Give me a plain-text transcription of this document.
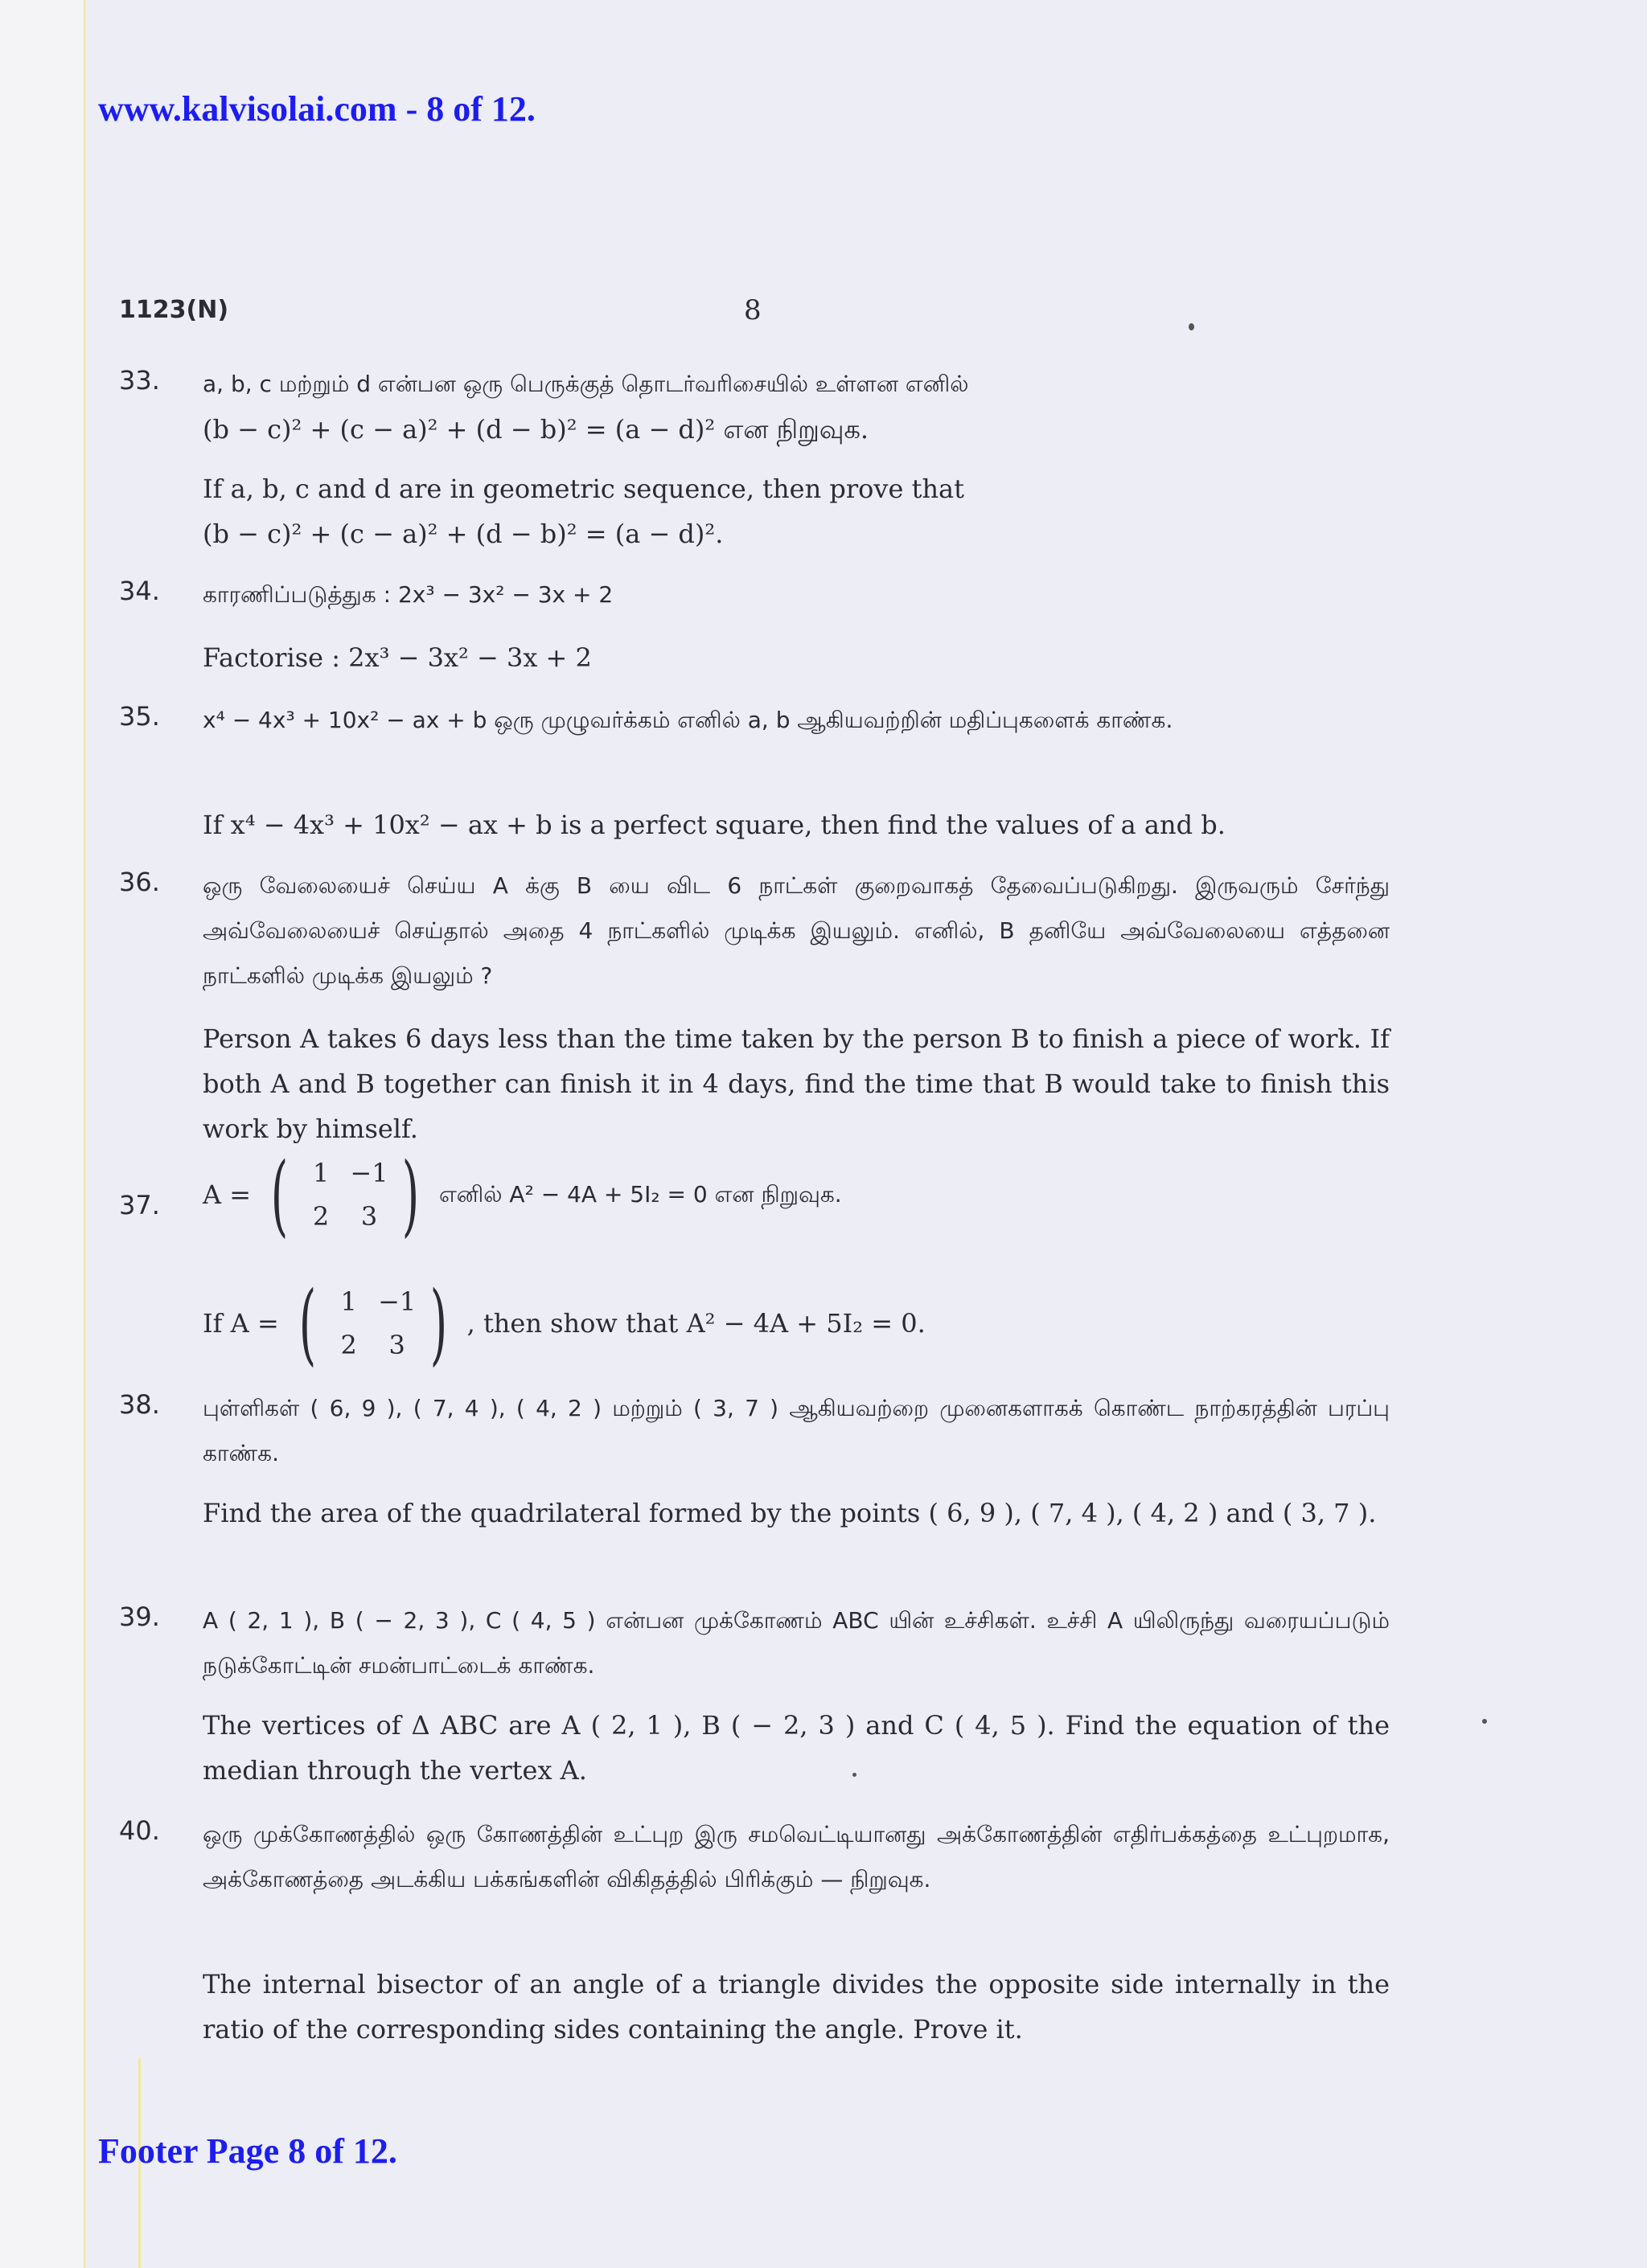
www.kalvisolai.com - 8 of 12.
1123(N)	8
33. a, b, c மற்றும் d என்பன ஒரு பெருக்குத் தொடர்வரிசையில் உள்ளன எனில்
(b − c)² + (c − a)² + (d − b)² = (a − d)² என நிறுவுக.
If a, b, c and d are in geometric sequence, then prove that
(b − c)² + (c − a)² + (d − b)² = (a − d)².
34. காரணிப்படுத்துக : 2x³ − 3x² − 3x + 2
Factorise : 2x³ − 3x² − 3x + 2
35. x⁴ − 4x³ + 10x² − ax + b ஒரு முழுவர்க்கம் எனில் a, b ஆகியவற்றின் மதிப்புகளைக் காண்க.
If x⁴ − 4x³ + 10x² − ax + b is a perfect square, then find the values of a and b.
36. ஒரு வேலையைச் செய்ய A க்கு B யை விட 6 நாட்கள் குறைவாகத் தேவைப்படுகிறது. இருவரும் சேர்ந்து அவ்வேலையைச் செய்தால் அதை 4 நாட்களில் முடிக்க இயலும். எனில், B தனியே அவ்வேலையை எத்தனை நாட்களில் முடிக்க இயலும் ?
Person A takes 6 days less than the time taken by the person B to finish a piece of work. If both A and B together can finish it in 4 days, find the time that B would take to finish this work by himself.
37. A = ( 1 −1
2	3 ) எனில் A² − 4A + 5I₂ = 0 என நிறுவுக.
If A = ( 1 −1
2	3 ) , then show that A² − 4A + 5I₂ = 0.
38. புள்ளிகள் ( 6, 9 ), ( 7, 4 ), ( 4, 2 ) மற்றும் ( 3, 7 ) ஆகியவற்றை முனைகளாகக் கொண்ட நாற்கரத்தின் பரப்பு காண்க.
Find the area of the quadrilateral formed by the points ( 6, 9 ), ( 7, 4 ), ( 4, 2 ) and ( 3, 7 ).
39. A ( 2, 1 ), B ( − 2, 3 ), C ( 4, 5 ) என்பன முக்கோணம் ABC யின் உச்சிகள். உச்சி A யிலிருந்து வரையப்படும் நடுக்கோட்டின் சமன்பாட்டைக் காண்க.
The vertices of Δ ABC are A ( 2, 1 ), B ( − 2, 3 ) and C ( 4, 5 ). Find the equation of the median through the vertex A.
40. ஒரு முக்கோணத்தில் ஒரு கோணத்தின் உட்புற இரு சமவெட்டியானது அக்கோணத்தின் எதிர்பக்கத்தை உட்புறமாக, அக்கோணத்தை அடக்கிய பக்கங்களின் விகிதத்தில் பிரிக்கும் — நிறுவுக.
The internal bisector of an angle of a triangle divides the opposite side internally in the ratio of the corresponding sides containing the angle. Prove it.
Footer Page 8 of 12.
